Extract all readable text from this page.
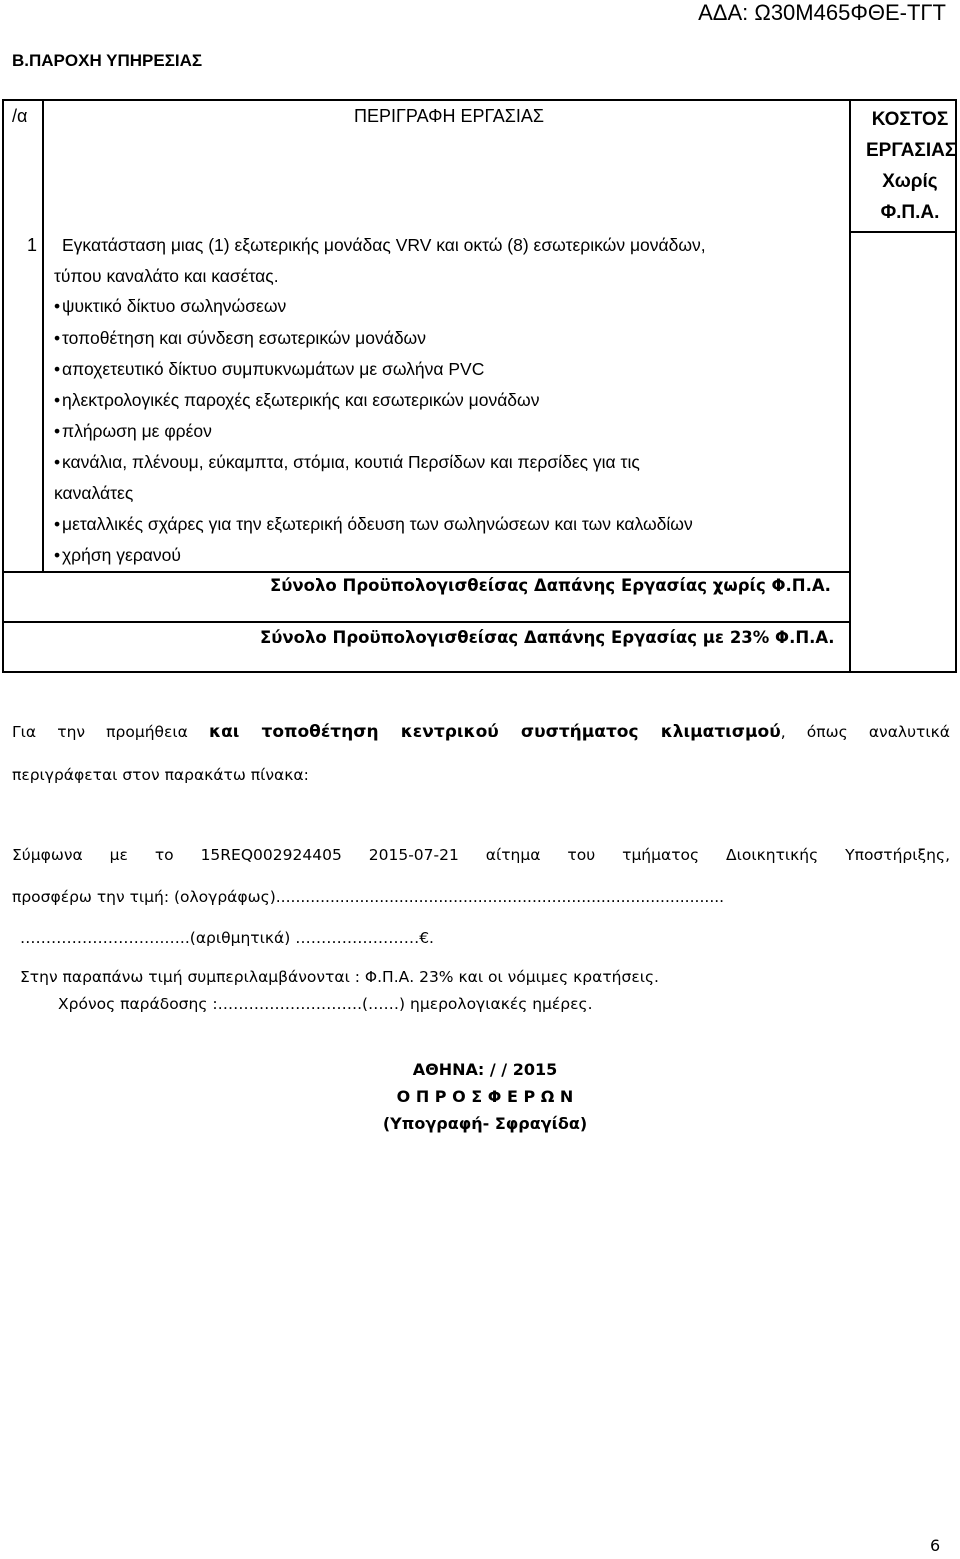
ΑΔΑ: Ω30Μ465ΦΘΕ-ΤΓΤ
Β.ΠΑΡΟΧΗ ΥΠΗΡΕΣΙΑΣ
/α	ΠΕΡΙΓΡΑΦΗ ΕΡΓΑΣΙΑΣ	ΚΟΣΤΟΣ
ΕΡΓΑΣΙΑΣ
Χωρίς
Φ.Π.Α.
1 Εγκατάσταση μιας (1) εξωτερικής μονάδας VRV και οκτώ (8) εσωτερικών μονάδων,
τύπου καναλάτο και κασέτας.
• ψυκτικό δίκτυο σωληνώσεων
• τοποθέτηση και σύνδεση εσωτερικών μονάδων
• αποχετευτικό δίκτυο συμπυκνωμάτων με σωλήνα PVC
• ηλεκτρολογικές παροχές εξωτερικής και εσωτερικών μονάδων
• πλήρωση με φρέον
• κανάλια, πλένουμ, εύκαμπτα, στόμια, κουτιά Περσίδων και περσίδες για τις
καναλάτες
• μεταλλικές σχάρες για την εξωτερική όδευση των σωληνώσεων και των καλωδίων
• χρήση γερανού
Σύνολο Προϋπολογισθείσας Δαπάνης Εργασίας χωρίς Φ.Π.Α.
Σύνολο Προϋπολογισθείσας Δαπάνης Εργασίας με 23% Φ.Π.Α.
Για την προμήθεια και τοποθέτηση κεντρικού συστήματος κλιματισμού, όπως αναλυτικά
περιγράφεται στον παρακάτω πίνακα:
Σύμφωνα με το 15REQ002924405 2015-07-21 αίτημα του τμήματος Διοικητικής Υποστήριξης,
προσφέρω την τιμή: (ολογράφως)...........................................................................................
……………………….…..(αριθμητικά) ……………………€.
Στην παραπάνω τιμή συμπεριλαμβάνονται : Φ.Π.Α. 23% και οι νόμιμες κρατήσεις.
Χρόνος παράδοσης :……………………….(……) ημερολογιακές ημέρες.
ΑΘΗΝΑ: / / 2015
Ο Π Ρ Ο Σ Φ Ε Ρ Ω Ν
(Υπογραφή- Σφραγίδα)
6
